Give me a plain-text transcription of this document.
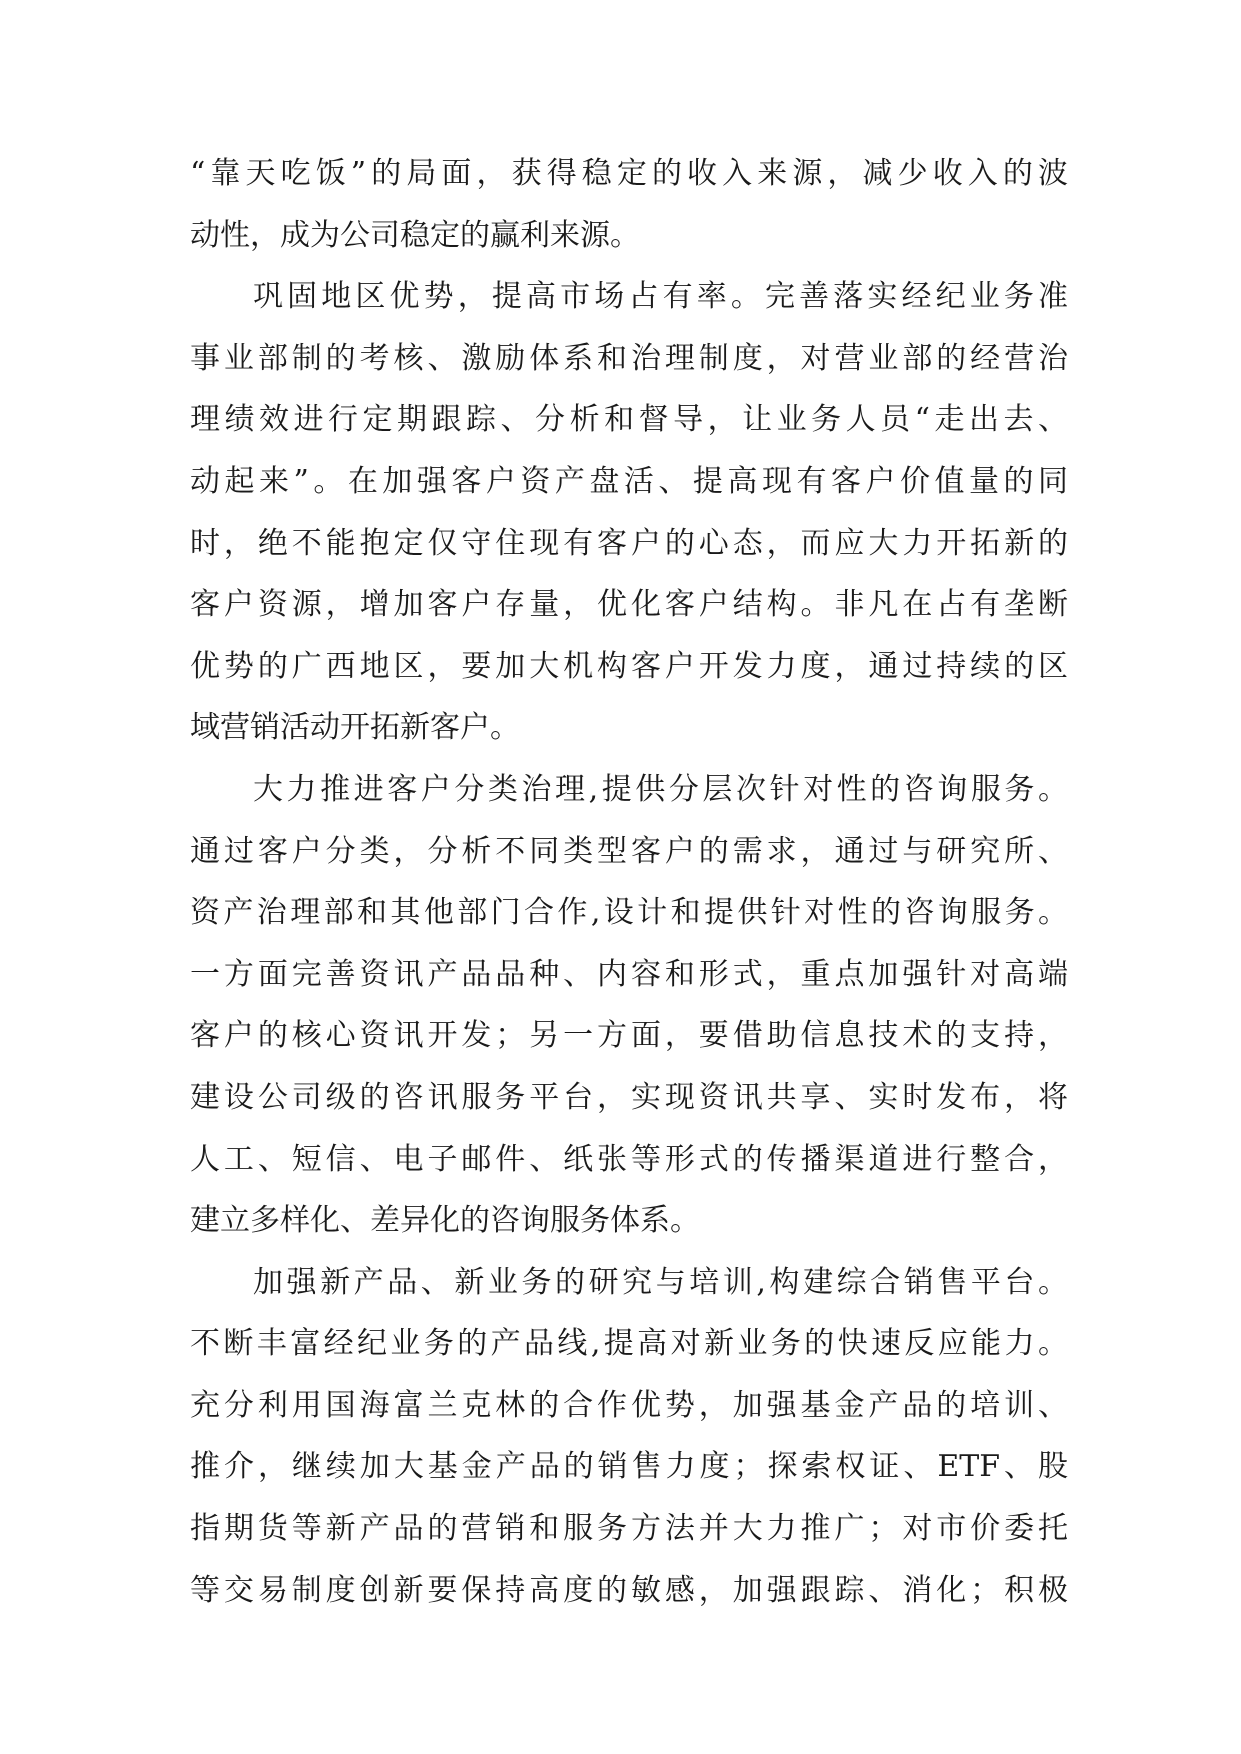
“靠天吃饭”的局面，获得稳定的收入来源，减少收入的波
动性，成为公司稳定的赢利来源。
巩固地区优势，提高市场占有率。完善落实经纪业务准
事业部制的考核、激励体系和治理制度，对营业部的经营治
理绩效进行定期跟踪、分析和督导，让业务人员“走出去、
动起来”。在加强客户资产盘活、提高现有客户价值量的同
时，绝不能抱定仅守住现有客户的心态，而应大力开拓新的
客户资源，增加客户存量，优化客户结构。非凡在占有垄断
优势的广西地区，要加大机构客户开发力度，通过持续的区
域营销活动开拓新客户。
大力推进客户分类治理,提供分层次针对性的咨询服务。
通过客户分类，分析不同类型客户的需求，通过与研究所、
资产治理部和其他部门合作,设计和提供针对性的咨询服务。
一方面完善资讯产品品种、内容和形式，重点加强针对高端
客户的核心资讯开发；另一方面，要借助信息技术的支持，
建设公司级的咨讯服务平台，实现资讯共享、实时发布，将
人工、短信、电子邮件、纸张等形式的传播渠道进行整合，
建立多样化、差异化的咨询服务体系。
加强新产品、新业务的研究与培训,构建综合销售平台。
不断丰富经纪业务的产品线,提高对新业务的快速反应能力。
充分利用国海富兰克林的合作优势，加强基金产品的培训、
推介，继续加大基金产品的销售力度；探索权证、ETF、股
指期货等新产品的营销和服务方法并大力推广；对市价委托
等交易制度创新要保持高度的敏感，加强跟踪、消化；积极
